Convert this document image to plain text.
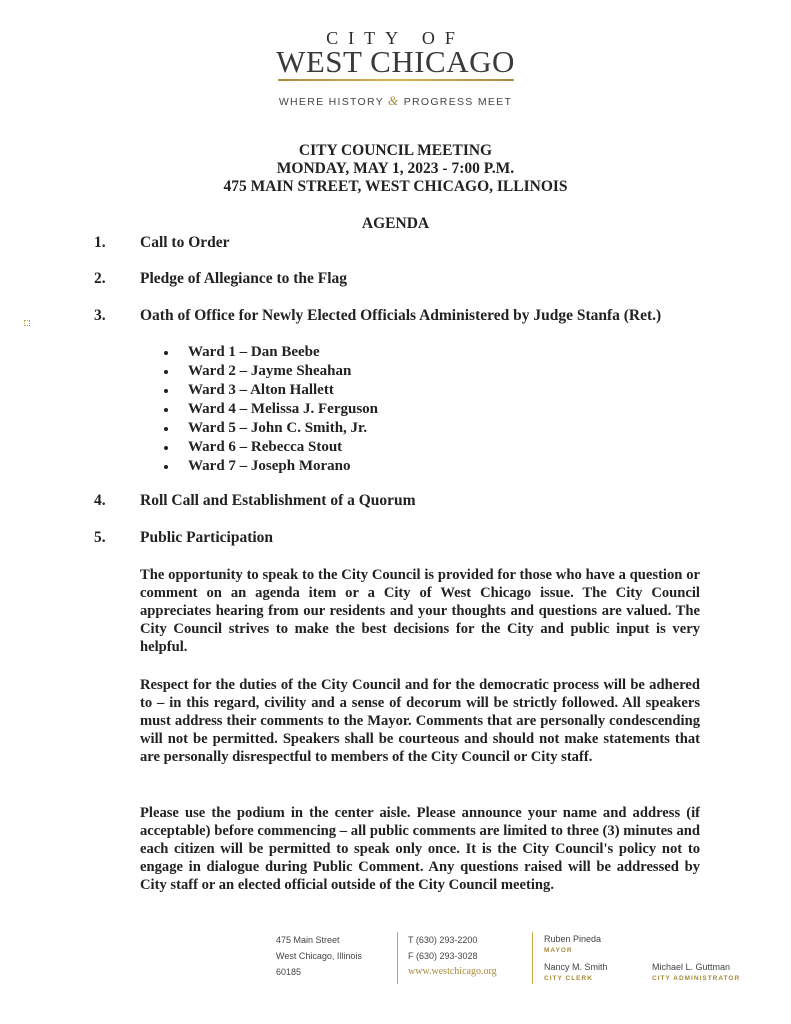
CITY OF
WEST CHICAGO
WHERE HISTORY & PROGRESS MEET
CITY COUNCIL MEETING
MONDAY, MAY 1, 2023 - 7:00 P.M.
475 MAIN STREET, WEST CHICAGO, ILLINOIS
AGENDA
1. Call to Order
2. Pledge of Allegiance to the Flag
3. Oath of Office for Newly Elected Officials Administered by Judge Stanfa (Ret.)
Ward 1 – Dan Beebe
Ward 2 – Jayme Sheahan
Ward 3 – Alton Hallett
Ward 4 – Melissa J. Ferguson
Ward 5 – John C. Smith, Jr.
Ward 6 – Rebecca Stout
Ward 7 – Joseph Morano
4. Roll Call and Establishment of a Quorum
5. Public Participation

The opportunity to speak to the City Council is provided for those who have a question or comment on an agenda item or a City of West Chicago issue. The City Council appreciates hearing from our residents and your thoughts and questions are valued. The City Council strives to make the best decisions for the City and public input is very helpful.

Respect for the duties of the City Council and for the democratic process will be adhered to – in this regard, civility and a sense of decorum will be strictly followed. All speakers must address their comments to the Mayor. Comments that are personally condescending will not be permitted. Speakers shall be courteous and should not make statements that are personally disrespectful to members of the City Council or City staff.

Please use the podium in the center aisle. Please announce your name and address (if acceptable) before commencing – all public comments are limited to three (3) minutes and each citizen will be permitted to speak only once. It is the City Council's policy not to engage in dialogue during Public Comment. Any questions raised will be addressed by City staff or an elected official outside of the City Council meeting.

475 Main Street
West Chicago, Illinois
60185
T (630) 293-2200
F (630) 293-3028
www.westchicago.org
Ruben Pineda
MAYOR
Nancy M. Smith
CITY CLERK
Michael L. Guttman
CITY ADMINISTRATOR
